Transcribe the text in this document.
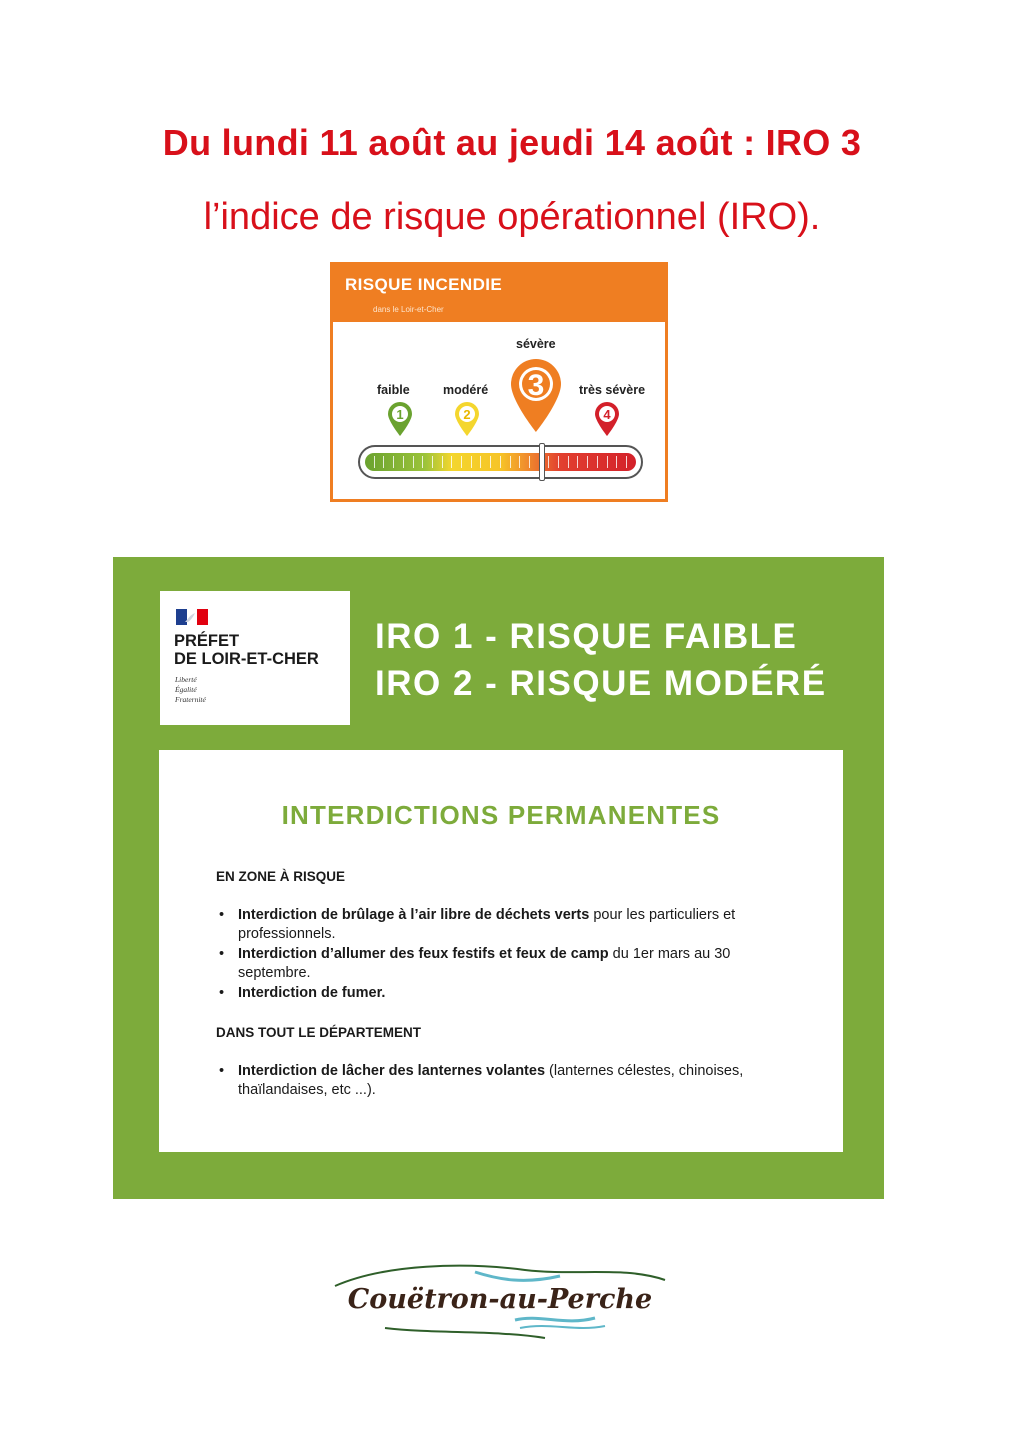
Du lundi 11 août au jeudi 14 août : IRO 3
l’indice de risque opérationnel (IRO).
RISQUE INCENDIE
dans le Loir-et-Cher
faible	modéré
sévère
très sévère
1	2
3
4
PRÉFET
DE LOIR-ET-CHER
Liberté
Égalité
Fraternité
IRO 1 - RISQUE FAIBLE
IRO 2 - RISQUE MODÉRÉ
INTERDICTIONS PERMANENTES
EN ZONE À RISQUE
• Interdiction de brûlage à l’air libre de déchets verts pour les particuliers et professionnels.
• Interdiction d’allumer des feux festifs et feux de camp du 1er mars au 30 septembre.
• Interdiction de fumer.
DANS TOUT LE DÉPARTEMENT
• Interdiction de lâcher des lanternes volantes (lanternes célestes, chinoises, thaïlandaises, etc ...).
Couëtron-au-Perche
